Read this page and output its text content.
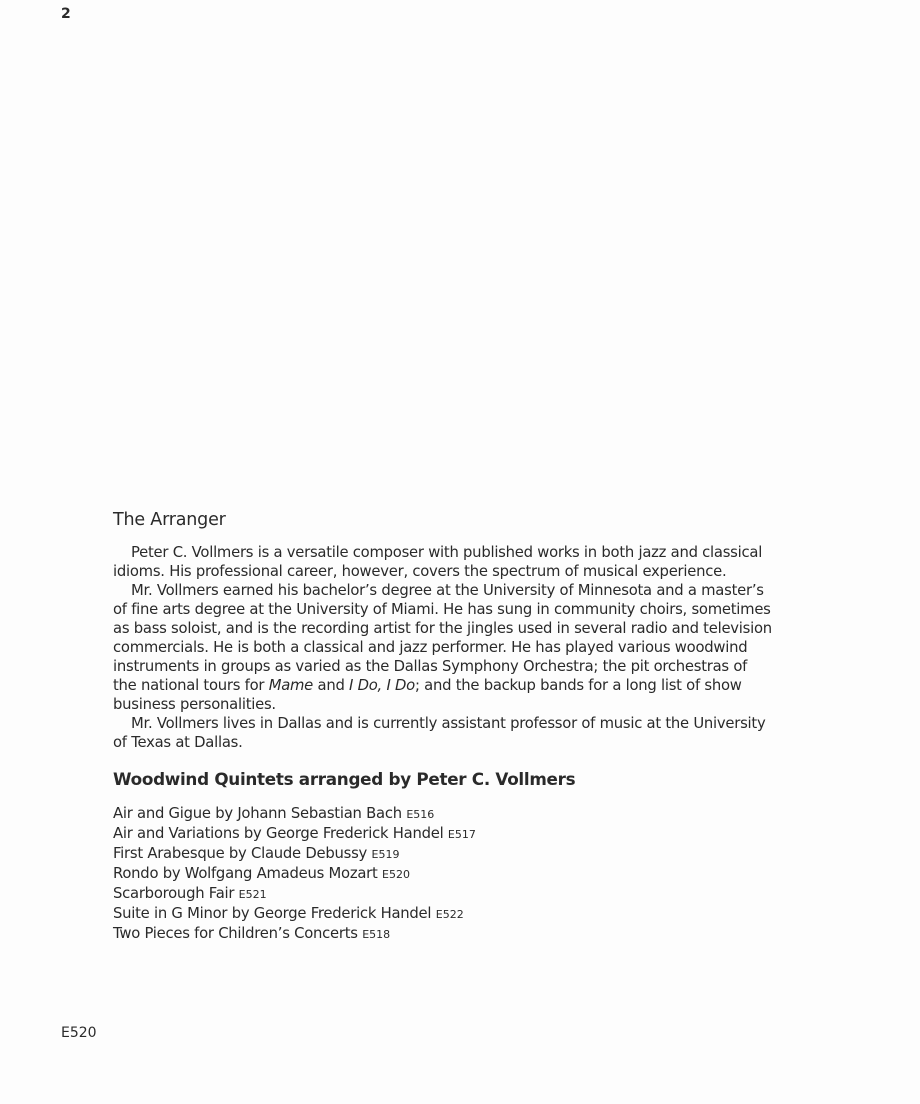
2
The Arranger

Peter C. Vollmers is a versatile composer with published works in both jazz and classical idioms. His professional career, however, covers the spectrum of musical experience.

Mr. Vollmers earned his bachelor’s degree at the University of Minnesota and a master’s of fine arts degree at the University of Miami. He has sung in community choirs, sometimes as bass soloist, and is the recording artist for the jingles used in several radio and television commercials. He is both a classical and jazz performer. He has played various woodwind instruments in groups as varied as the Dallas Symphony Orchestra; the pit orchestras of the national tours for Mame and I Do, I Do; and the backup bands for a long list of show business personalities.

Mr. Vollmers lives in Dallas and is currently assistant professor of music at the University of Texas at Dallas.

Woodwind Quintets arranged by Peter C. Vollmers
Air and Gigue by Johann Sebastian Bach E516
Air and Variations by George Frederick Handel E517
First Arabesque by Claude Debussy E519
Rondo by Wolfgang Amadeus Mozart E520
Scarborough Fair E521
Suite in G Minor by George Frederick Handel E522
Two Pieces for Children’s Concerts E518
E520
